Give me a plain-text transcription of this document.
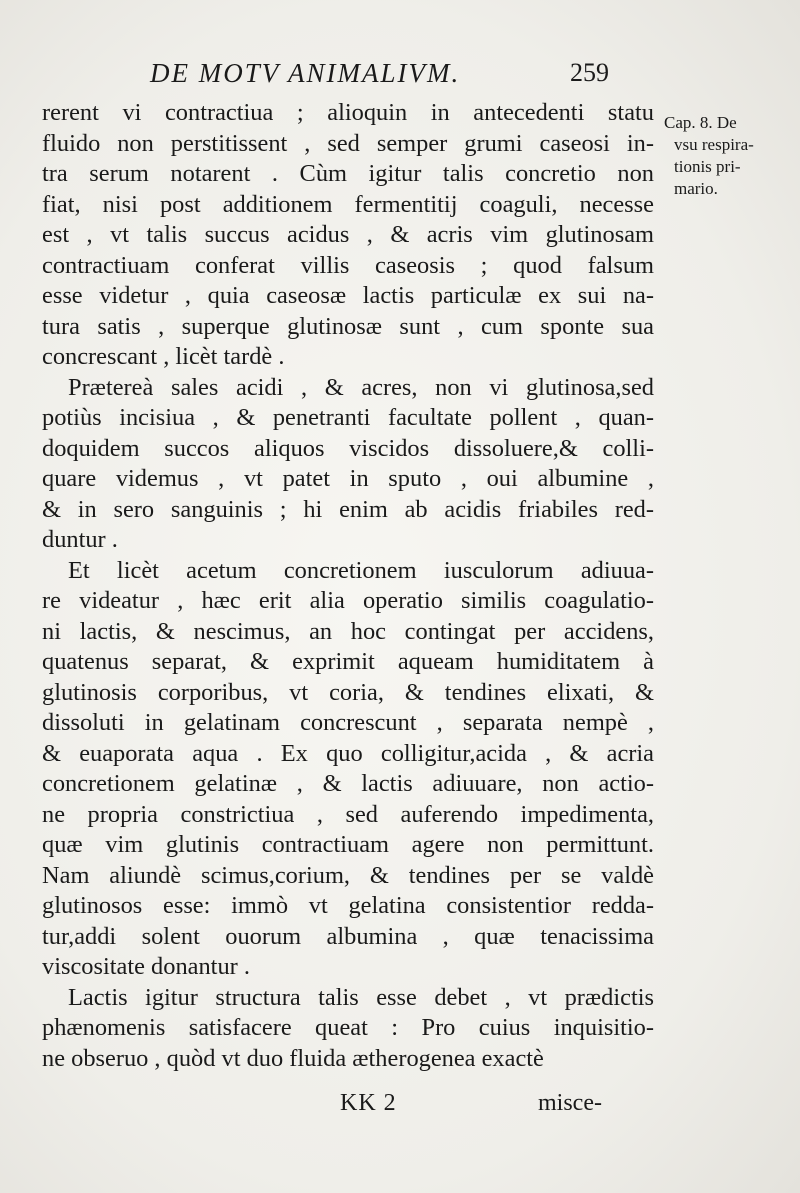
DE MOTV ANIMALIVM.	259
rerent vi contractiua ; alioquin in antecedenti statu
fluido non perstitissent , sed semper grumi caseosi in-
tra serum notarent . Cùm igitur talis concretio non
fiat, nisi post additionem fermentitij coaguli, necesse
est , vt talis succus acidus , & acris vim glutinosam
contractiuam conferat villis caseosis ; quod falsum
esse videtur , quia caseosæ lactis particulæ ex sui na-
tura satis , superque glutinosæ sunt , cum sponte sua
concrescant , licèt tardè .
Prætereà sales acidi , & acres, non vi glutinosa,sed
potiùs incisiua , & penetranti facultate pollent , quan-
doquidem succos aliquos viscidos dissoluere,& colli-
quare videmus , vt patet in sputo , oui albumine ,
& in sero sanguinis ; hi enim ab acidis friabiles red-
duntur .
Et licèt acetum concretionem iusculorum adiuua-
re videatur , hæc erit alia operatio similis coagulatio-
ni lactis, & nescimus, an hoc contingat per accidens,
quatenus separat, & exprimit aqueam humiditatem à
glutinosis corporibus, vt coria, & tendines elixati, &
dissoluti in gelatinam concrescunt , separata nempè ,
& euaporata aqua . Ex quo colligitur,acida , & acria
concretionem gelatinæ , & lactis adiuuare, non actio-
ne propria constrictiua , sed auferendo impedimenta,
quæ vim glutinis contractiuam agere non permittunt.
Nam aliundè scimus,corium, & tendines per se valdè
glutinosos esse: immò vt gelatina consistentior redda-
tur,addi solent ouorum albumina , quæ tenacissima
viscositate donantur .
Lactis igitur structura talis esse debet , vt prædictis
phænomenis satisfacere queat : Pro cuius inquisitio-
ne obseruo , quòd vt duo fluida ætherogenea exactè
Cap. 8. De
vsu respira-
tionis pri-
mario.
KK 2	misce-
